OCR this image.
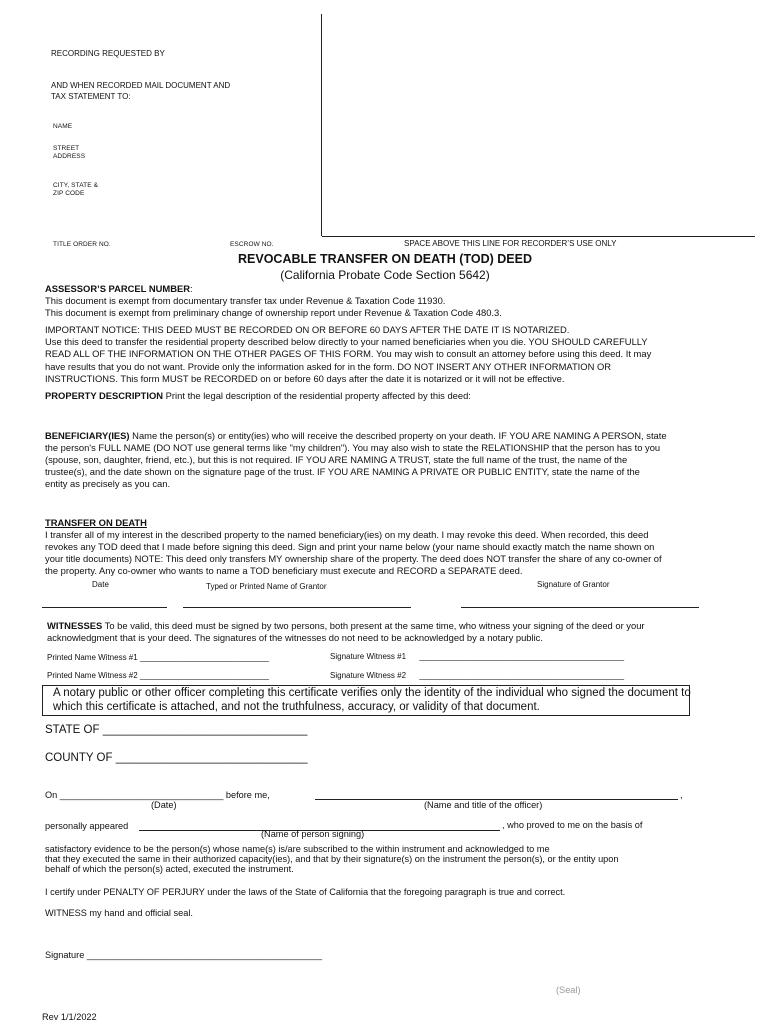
RECORDING REQUESTED BY
AND WHEN RECORDED MAIL DOCUMENT AND
TAX STATEMENT TO:
NAME
STREET
ADDRESS
CITY, STATE &
ZIP CODE
TITLE ORDER NO.	ESCROW NO.	SPACE ABOVE THIS LINE FOR RECORDER’S USE ONLY
REVOCABLE TRANSFER ON DEATH (TOD) DEED
(California Probate Code Section 5642)
ASSESSOR’S PARCEL NUMBER:
This document is exempt from documentary transfer tax under Revenue & Taxation Code 11930.
This document is exempt from preliminary change of ownership report under Revenue & Taxation Code 480.3.
IMPORTANT NOTICE: THIS DEED MUST BE RECORDED ON OR BEFORE 60 DAYS AFTER THE DATE IT IS NOTARIZED.
Use this deed to transfer the residential property described below directly to your named beneficiaries when you die. YOU SHOULD CAREFULLY
READ ALL OF THE INFORMATION ON THE OTHER PAGES OF THIS FORM. You may wish to consult an attorney before using this deed. It may
have results that you do not want. Provide only the information asked for in the form. DO NOT INSERT ANY OTHER INFORMATION OR
INSTRUCTIONS. This form MUST be RECORDED on or before 60 days after the date it is notarized or it will not be effective.
PROPERTY DESCRIPTION Print the legal description of the residential property affected by this deed:
BENEFICIARY(IES) Name the person(s) or entity(ies) who will receive the described property on your death. IF YOU ARE NAMING A PERSON, state
the person's FULL NAME (DO NOT use general terms like "my children"). You may also wish to state the RELATIONSHIP that the person has to you
(spouse, son, daughter, friend, etc.), but this is not required. IF YOU ARE NAMING A TRUST, state the full name of the trust, the name of the
trustee(s), and the date shown on the signature page of the trust. IF YOU ARE NAMING A PRIVATE OR PUBLIC ENTITY, state the name of the
entity as precisely as you can.
TRANSFER ON DEATH
I transfer all of my interest in the described property to the named beneficiary(ies) on my death. I may revoke this deed. When recorded, this deed
revokes any TOD deed that I made before signing this deed. Sign and print your name below (your name should exactly match the name shown on
your title documents) NOTE: This deed only transfers MY ownership share of the property. The deed does NOT transfer the share of any co-owner of
the property. Any co-owner who wants to name a TOD beneficiary must execute and RECORD a SEPARATE deed.
Date	Typed or Printed Name of Grantor	Signature of Grantor
WITNESSES To be valid, this deed must be signed by two persons, both present at the same time, who witness your signing of the deed or your
acknowledgment that is your deed. The signatures of the witnesses do not need to be acknowledged by a notary public.
Printed Name Witness #1 _____________________________	Signature Witness #1 ______________________________________________
Printed Name Witness #2 _____________________________	Signature Witness #2 ______________________________________________
A notary public or other officer completing this certificate verifies only the identity of the individual who signed the document to
which this certificate is attached, and not the truthfulness, accuracy, or validity of that document.
STATE OF ________________________________
COUNTY OF ______________________________
On ________________________________ before me,	,
(Date)	(Name and title of the officer)
personally appeared	, who proved to me on the basis of
(Name of person signing)
satisfactory evidence to be the person(s) whose name(s) is/are subscribed to the within instrument and acknowledged to me
that they executed the same in their authorized capacity(ies), and that by their signature(s) on the instrument the person(s), or the entity upon
behalf of which the person(s) acted, executed the instrument.
I certify under PENALTY OF PERJURY under the laws of the State of California that the foregoing paragraph is true and correct.
WITNESS my hand and official seal.
Signature ______________________________________________
(Seal)
Rev 1/1/2022
